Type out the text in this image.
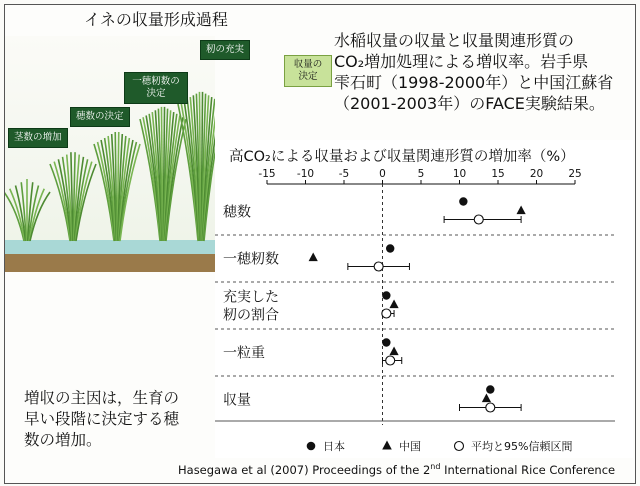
イネの収量形成過程
茎数の増加
穂数の決定
一穂籾数の決定
籾の充実
収量の決定
水稲収量の収量と収量関連形質の
CO₂増加処理による増収率。岩手県
雫石町（1998-2000年）と中国江蘇省
（2001-2003年）のFACE実験結果。
増収の主因は，生育の
早い段階に決定する穂
数の増加。
高CO₂による収量および収量関連形質の増加率（%）
-15 -10 -5	0	5	10 15 20 25
穂数
一穂籾数
充実した
籾の割合
一粒重
収量
日本	中国	平均と95%信頼区間
Hasegawa et al (2007) Proceedings of the 2nd International Rice Conference
